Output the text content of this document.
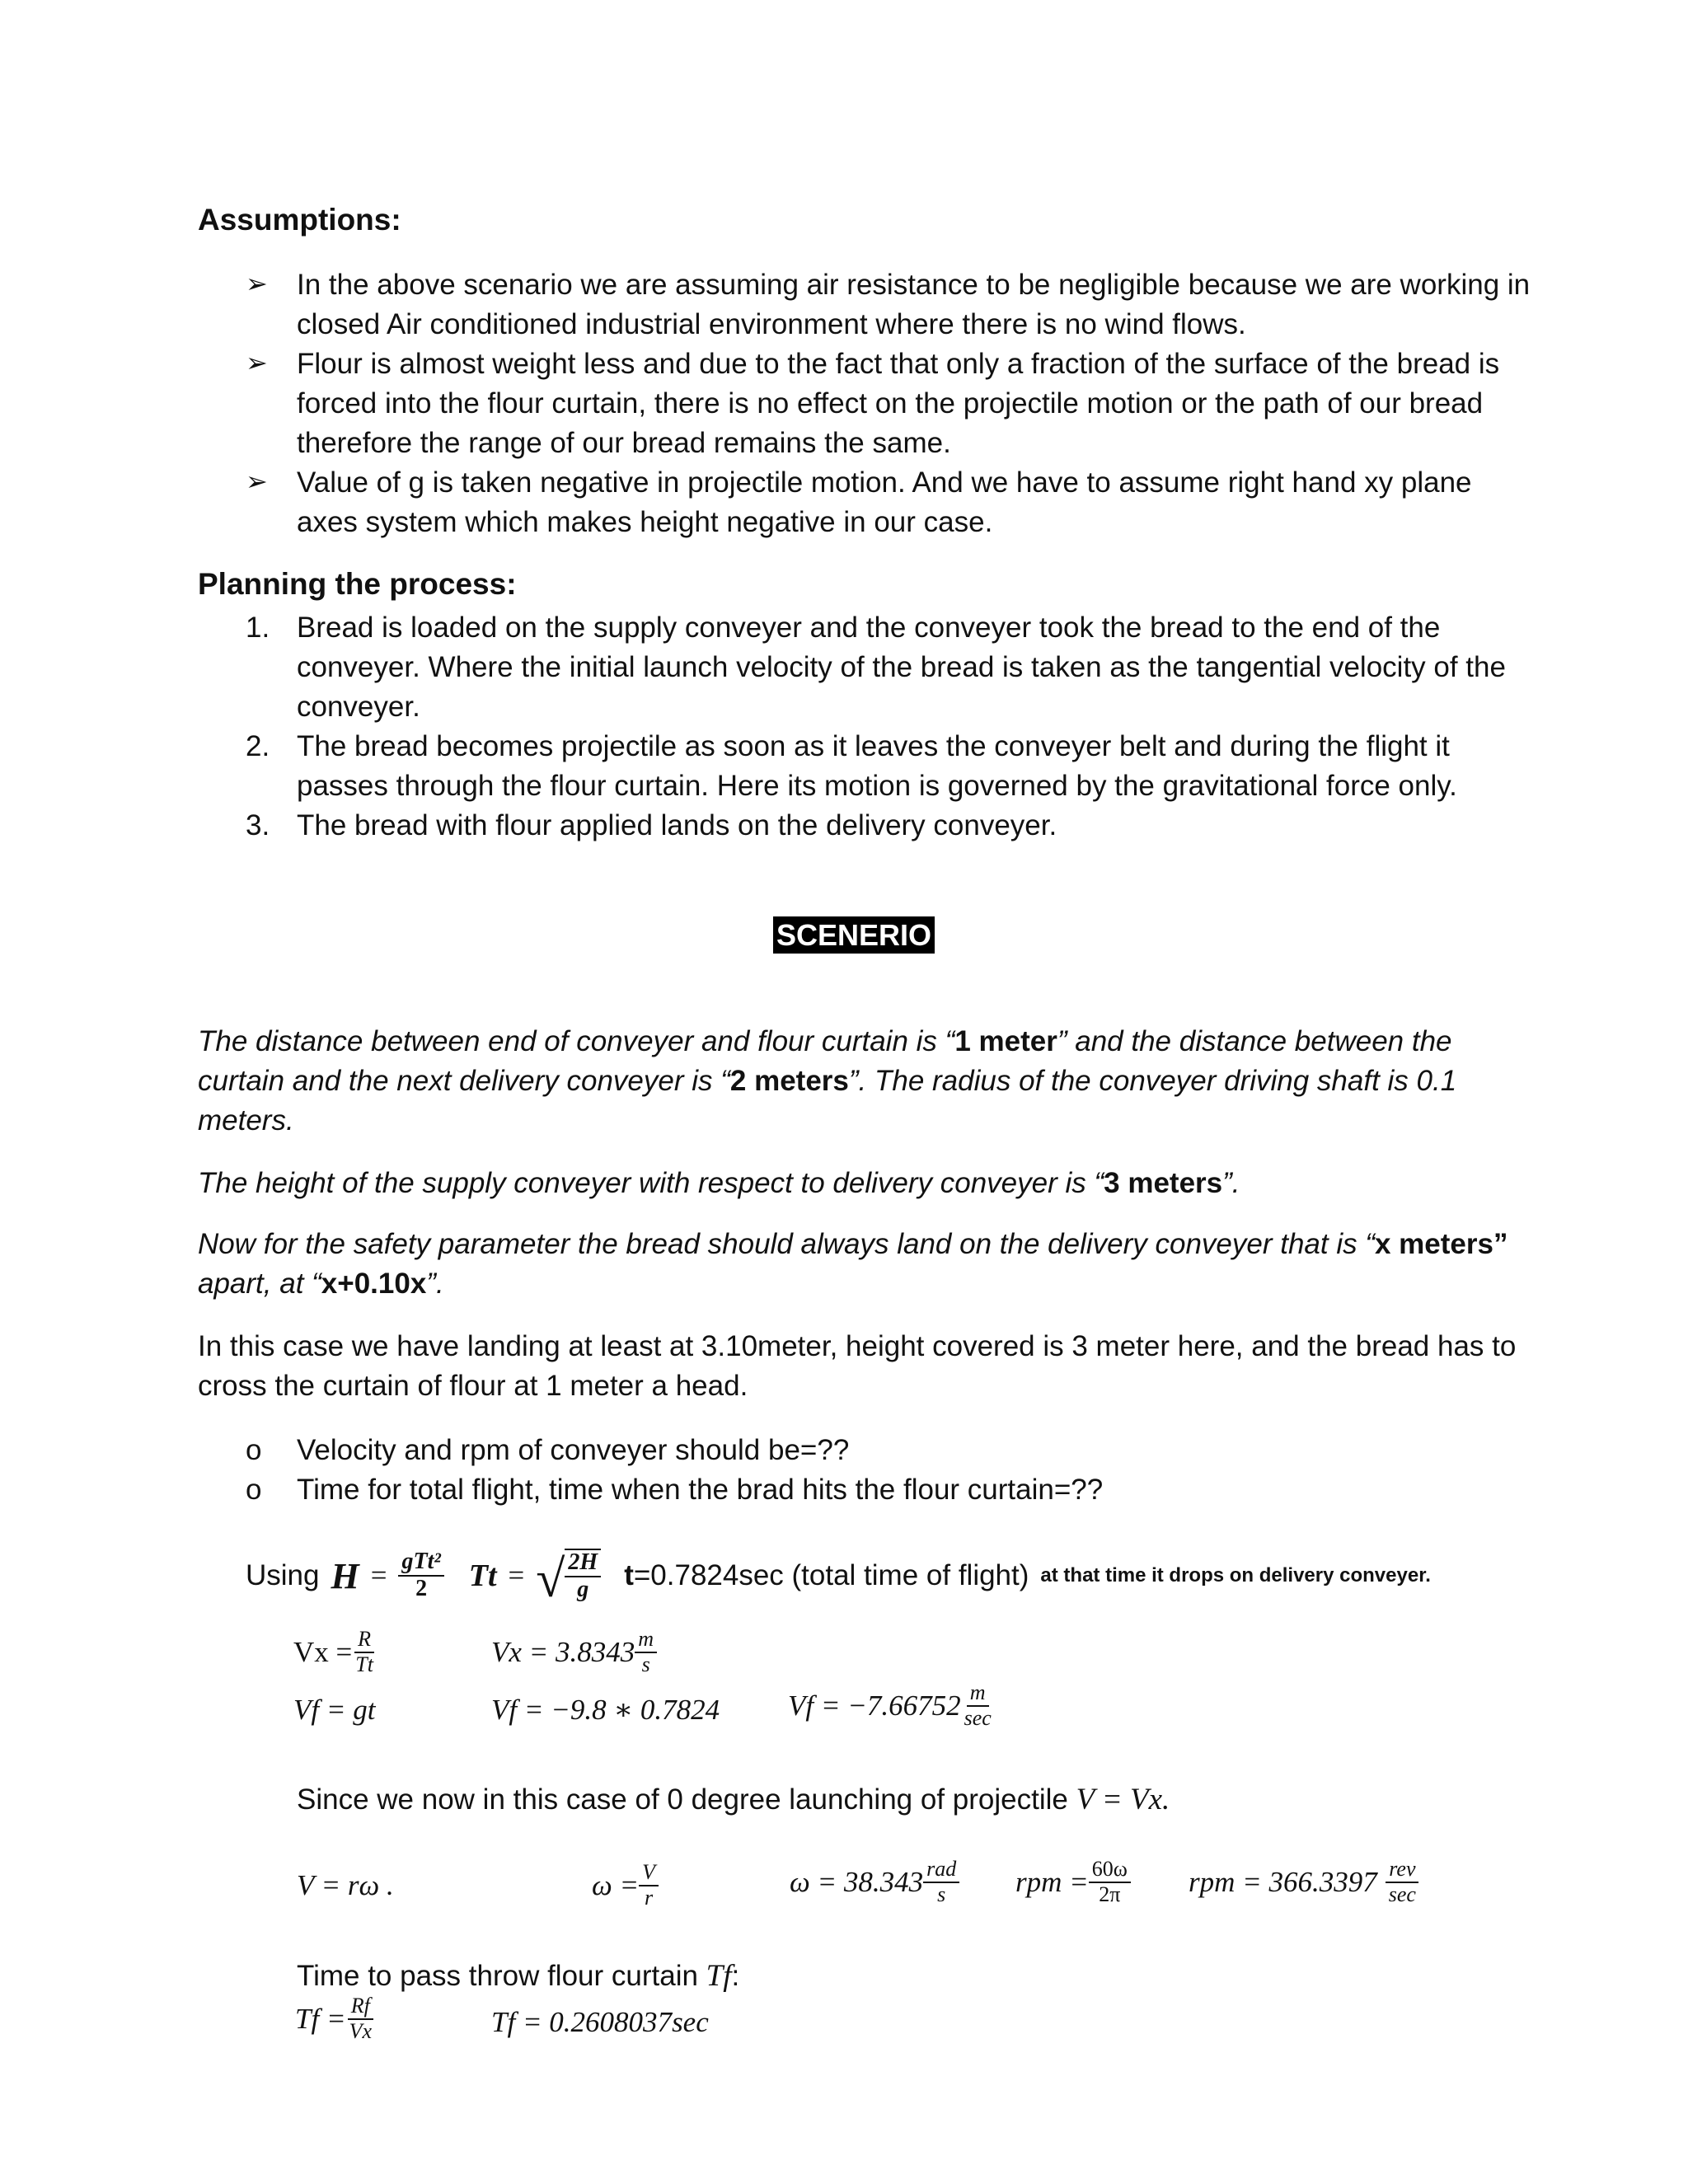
Assumptions:
➢ In the above scenario we are assuming air resistance to be negligible because we are working in
closed Air conditioned industrial environment where there is no wind flows.
➢ Flour is almost weight less and due to the fact that only a fraction of the surface of the bread is
forced into the flour curtain, there is no effect on the projectile motion or the path of our bread
therefore the range of our bread remains the same.
➢ Value of g is taken negative in projectile motion. And we have to assume right hand xy plane
axes system which makes height negative in our case.
Planning the process:
1. Bread is loaded on the supply conveyer and the conveyer took the bread to the end of the
conveyer. Where the initial launch velocity of the bread is taken as the tangential velocity of the
conveyer.
2. The bread becomes projectile as soon as it leaves the conveyer belt and during the flight it
passes through the flour curtain. Here its motion is governed by the gravitational force only.
3. The bread with flour applied lands on the delivery conveyer.
SCENERIO
The distance between end of conveyer and flour curtain is “1 meter” and the distance between the
curtain and the next delivery conveyer is “2 meters”. The radius of the conveyer driving shaft is 0.1
meters.
The height of the supply conveyer with respect to delivery conveyer is “3 meters”.
Now for the safety parameter the bread should always land on the delivery conveyer that is “x meters”
apart, at “x+0.10x”.
In this case we have landing at least at 3.10meter, height covered is 3 meter here, and the bread has to
cross the curtain of flour at 1 meter a head.
o Velocity and rpm of conveyer should be=??
o Time for total flight, time when the brad hits the flour curtain=??
Using $H = \frac{\text{gTt²}}{2}$ Tt = √ $\frac{2H}{g} t=0.7824\sec$ (total time of flight) at that time it drops on delivery conveyer.
$Vx = \frac{R}{Tt}$	$Vx = 3.8343 \frac{m}{s}$
Vf = gt	Vf = −9.8 ∗ 0.7824 $Vf = -7.66752 \frac{m}{\sec}$
Since we now in this case of 0 degree launching of projectile V = Vx.
V = rω .	$\omega = \frac{V}{r}$	$\omega = 38.343 \frac{\text{rad}}{s}$ rpm = $\frac{60\omega}{2\pi}$ rpm = $366.3397 \frac{\text{rev}}{\sec}$
Time to pass throw flour curtain Tf:
$Tf = \frac{Rf}{Vx}$	Tf = 0.2608037sec
